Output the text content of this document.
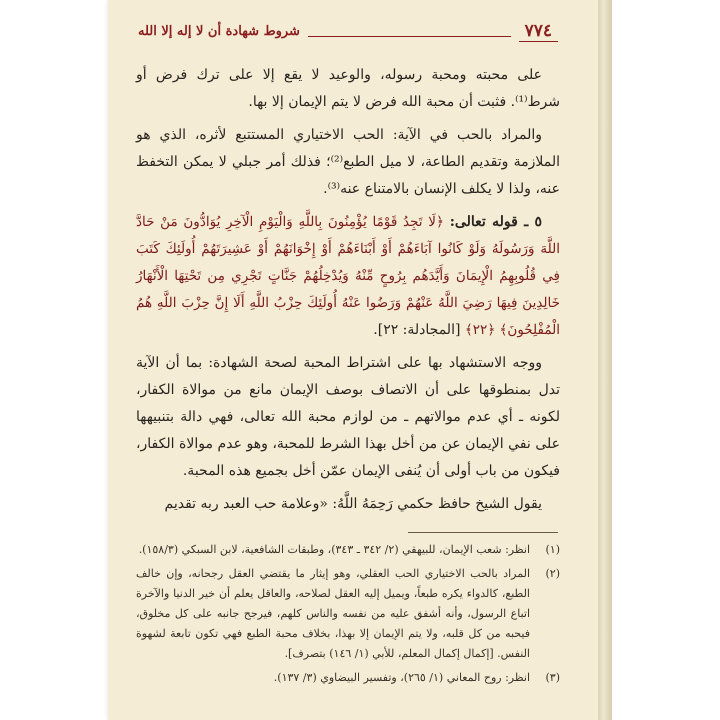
٧٧٤
شروط شهادة أن لا إله إلا الله

على محبته ومحبة رسوله، والوعيد لا يقع إلا على ترك فرض أو شرط⁽¹⁾. فثبت أن محبة الله فرض لا يتم الإيمان إلا بها.

والمراد بالحب في الآية: الحب الاختياري المستتبع لأثره، الذي هو الملازمة وتقديم الطاعة، لا ميل الطبع⁽²⁾؛ فذلك أمر جبلي لا يمكن التخفظ عنه، ولذا لا يكلف الإنسان بالامتناع عنه⁽³⁾.

٥ ـ قوله تعالى: ﴿لَا تَجِدُ قَوْمًا يُؤْمِنُونَ بِاللَّهِ وَالْيَوْمِ الْآخِرِ يُوَادُّونَ مَنْ حَادَّ اللَّهَ وَرَسُولَهُ وَلَوْ كَانُوا آبَاءَهُمْ أَوْ أَبْنَاءَهُمْ أَوْ إِخْوَانَهُمْ أَوْ عَشِيرَتَهُمْ أُولَئِكَ كَتَبَ فِي قُلُوبِهِمُ الْإِيمَانَ وَأَيَّدَهُم بِرُوحٍ مِّنْهُ وَيُدْخِلُهُمْ جَنَّاتٍ تَجْرِي مِن تَحْتِهَا الْأَنْهَارُ خَالِدِينَ فِيهَا رَضِيَ اللَّهُ عَنْهُمْ وَرَضُوا عَنْهُ أُولَئِكَ حِزْبُ اللَّهِ أَلَا إِنَّ حِزْبَ اللَّهِ هُمُ الْمُفْلِحُونَ﴾ ﴿٢٢﴾ [المجادلة: ٢٢].

ووجه الاستشهاد بها على اشتراط المحبة لصحة الشهادة: بما أن الآية تدل بمنطوقها على أن الاتصاف بوصف الإيمان مانع من موالاة الكفار، لكونه ـ أي عدم موالاتهم ـ من لوازم محبة الله تعالى، فهي دالة بتنبيهها على نفي الإيمان عن من أخل بهذا الشرط للمحبة، وهو عدم موالاة الكفار، فيكون من باب أولى أن يُنفى الإيمان عمّن أخل بجميع هذه المحبة.

يقول الشيخ حافظ حكمي رَحِمَهُ اللَّهُ: «وعلامة حب العبد ربه تقديم

(١)
انظر: شعب الإيمان، للبيهقي (٢/ ٣٤٢ ـ ٣٤٣)، وطبقات الشافعية، لابن السبكي (١٥٨/٣).
(٢)
المراد بالحب الاختياري الحب العقلي، وهو إيثار ما يقتضي العقل رجحانه، وإن خالف الطبع، كالدواء يكره طبعاً، ويميل إليه العقل لصلاحه، والعاقل يعلم أن خير الدنيا والآخرة اتباع الرسول، وأنه أشفق عليه من نفسه والناس كلهم، فيرجح جانبه على كل مخلوق، فيحبه من كل قلبه، ولا يتم الإيمان إلا بهذا، بخلاف محبة الطبع فهي تكون تابعة لشهوة النفس. [إكمال إكمال المعلم، للأبي (١/ ١٤٦) بتصرف].
(٣)
انظر: روح المعاني (١/ ٢٦٥)، وتفسير البيضاوي (٣/ ١٣٧).
